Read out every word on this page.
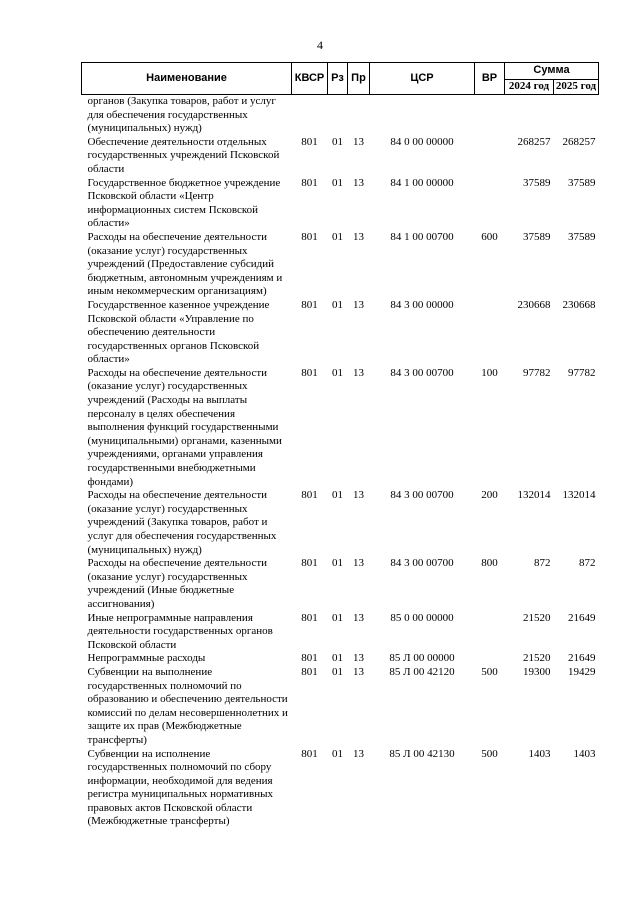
4
Наименование	КВСР	Рз	Пр	ЦСР	ВР	Сумма	
						2024 год	2025 год
органов (Закупка товаров, работ и услуг для обеспечения государственных (муниципальных) нужд)							
Обеспечение деятельности отдельных государственных учреждений Псковской области	801	01	13	84 0 00 00000		268257	268257
Государственное бюджетное учреждение Псковской области «Центр информационных систем Псковской области»	801	01	13	84 1 00 00000		37589	37589
Расходы на обеспечение деятельности (оказание услуг) государственных учреждений (Предоставление субсидий бюджетным, автономным учреждениям и иным некоммерческим организациям)	801	01	13	84 1 00 00700	600	37589	37589
Государственное казенное учреждение Псковской области «Управление по обеспечению деятельности государственных органов Псковской области»	801	01	13	84 3 00 00000		230668	230668
Расходы на обеспечение деятельности (оказание услуг) государственных учреждений (Расходы на выплаты персоналу в целях обеспечения выполнения функций государственными (муниципальными) органами, казенными учреждениями, органами управления государственными внебюджетными фондами)	801	01	13	84 3 00 00700	100	97782	97782
Расходы на обеспечение деятельности (оказание услуг) государственных учреждений (Закупка товаров, работ и услуг для обеспечения государственных (муниципальных) нужд)	801	01	13	84 3 00 00700	200	132014	132014
Расходы на обеспечение деятельности (оказание услуг) государственных учреждений (Иные бюджетные ассигнования)	801	01	13	84 3 00 00700	800	872	872
Иные непрограммные направления деятельности государственных органов Псковской области	801	01	13	85 0 00 00000		21520	21649
Непрограммные расходы	801	01	13	85 Л 00 00000		21520	21649
Субвенции на выполнение государственных полномочий по образованию и обеспечению деятельности комиссий по делам несовершеннолетних и защите их прав (Межбюджетные трансферты)	801	01	13	85 Л 00 42120	500	19300	19429
Субвенции на исполнение государственных полномочий по сбору информации, необходимой для ведения регистра муниципальных нормативных правовых актов Псковской области (Межбюджетные трансферты)	801	01	13	85 Л 00 42130	500	1403	1403
